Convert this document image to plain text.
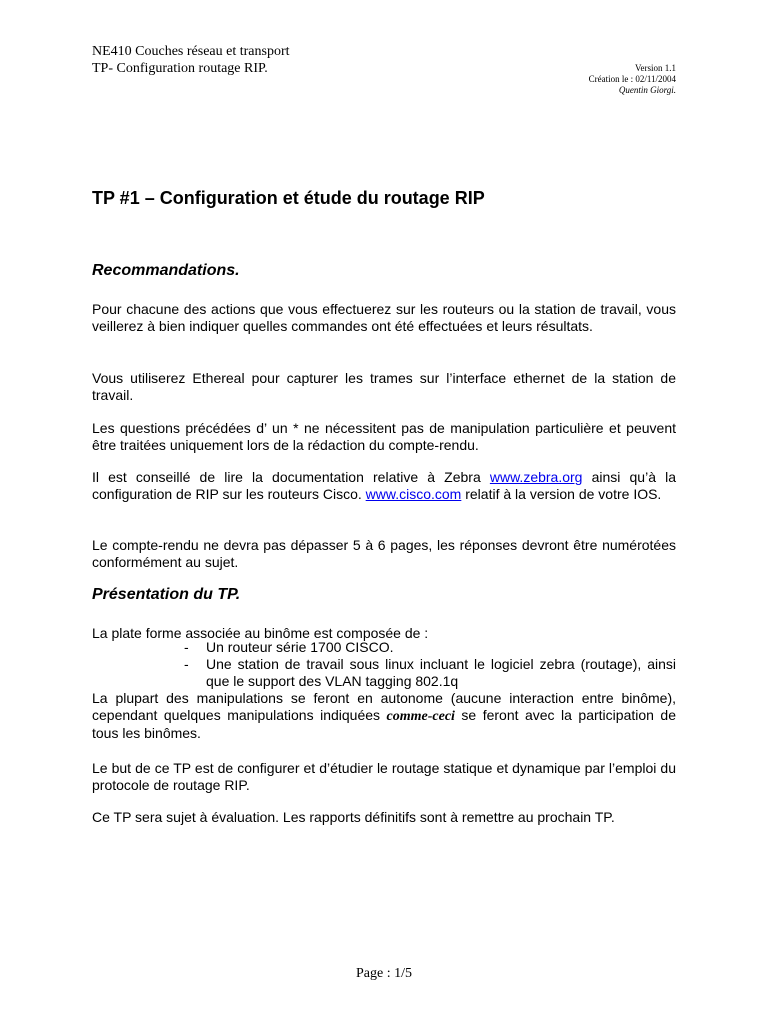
NE410 Couches réseau et transport
TP- Configuration routage RIP.	Version 1.1
Création le : 02/11/2004
Quentin Giorgi.
TP #1 – Configuration et étude du routage RIP
Recommandations.

Pour chacune des actions que vous effectuerez sur les routeurs ou la station de travail, vous veillerez à bien indiquer quelles commandes ont été effectuées et leurs résultats.

Vous utiliserez Ethereal pour capturer les trames sur l’interface ethernet de la station de travail.

Les questions précédées d’ un * ne nécessitent pas de manipulation particulière et peuvent être traitées uniquement lors de la rédaction du compte-rendu.

Il est conseillé de lire la documentation relative à Zebra www.zebra.org ainsi qu’à la configuration de RIP sur les routeurs Cisco. www.cisco.com relatif à la version de votre IOS.

Le compte-rendu ne devra pas dépasser 5 à 6 pages, les réponses devront être numérotées conformément au sujet.

Présentation du TP.

La plate forme associée au binôme est composée de :

- Un routeur série 1700 CISCO.
- Une station de travail sous linux incluant le logiciel zebra (routage), ainsi que le support des VLAN tagging 802.1q

La plupart des manipulations se feront en autonome (aucune interaction entre binôme), cependant quelques manipulations indiquées comme-ceci se feront avec la participation de tous les binômes.

Le but de ce TP est de configurer et d’étudier le routage statique et dynamique par l’emploi du protocole de routage RIP.

Ce TP sera sujet à évaluation. Les rapports définitifs sont à remettre au prochain TP.

Page : 1/5
